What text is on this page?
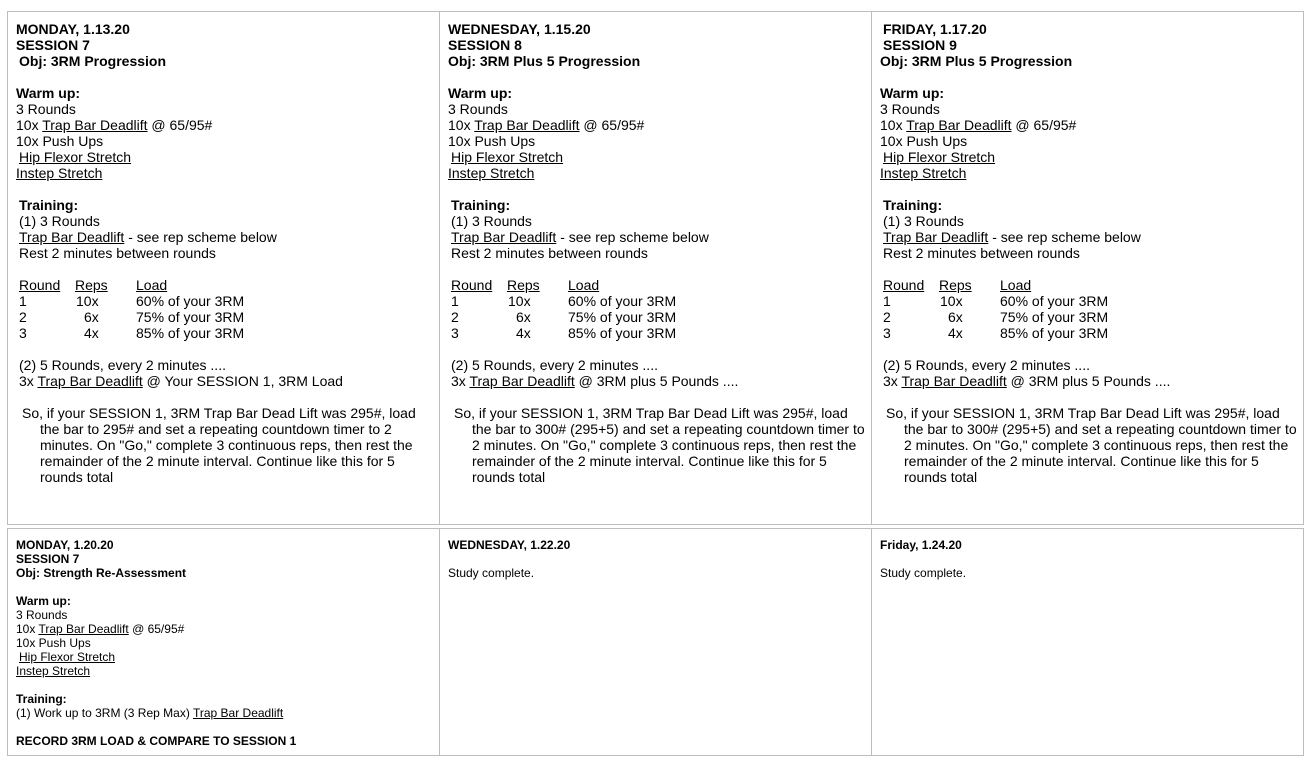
MONDAY, 1.13.20
SESSION 7
Obj: 3RM Progression
Warm up:
3 Rounds
10x Trap Bar Deadlift @ 65/95#
10x Push Ups
Hip Flexor Stretch
Instep Stretch
Training:
(1) 3 Rounds
Trap Bar Deadlift - see rep scheme below
Rest 2 minutes between rounds
Round	Reps	Load
1	10x	60% of your 3RM
2	6x	75% of your 3RM
3	4x	85% of your 3RM
(2) 5 Rounds, every 2 minutes ....
3x Trap Bar Deadlift @ Your SESSION 1, 3RM Load
So, if your SESSION 1, 3RM Trap Bar Dead Lift was 295#, load the bar to 295# and set a repeating countdown timer to 2 minutes. On "Go," complete 3 continuous reps, then rest the remainder of the 2 minute interval. Continue like this for 5 rounds total

WEDNESDAY, 1.15.20
SESSION 8
Obj: 3RM Plus 5 Progression
Warm up:
3 Rounds
10x Trap Bar Deadlift @ 65/95#
10x Push Ups
Hip Flexor Stretch
Instep Stretch
Training:
(1) 3 Rounds
Trap Bar Deadlift - see rep scheme below
Rest 2 minutes between rounds
Round	Reps	Load
1	10x	60% of your 3RM
2	6x	75% of your 3RM
3	4x	85% of your 3RM
(2) 5 Rounds, every 2 minutes ....
3x Trap Bar Deadlift @ 3RM plus 5 Pounds ....
So, if your SESSION 1, 3RM Trap Bar Dead Lift was 295#, load the bar to 300# (295+5) and set a repeating countdown timer to 2 minutes. On "Go," complete 3 continuous reps, then rest the remainder of the 2 minute interval. Continue like this for 5 rounds total

FRIDAY, 1.17.20
SESSION 9
Obj: 3RM Plus 5 Progression
Warm up:
3 Rounds
10x Trap Bar Deadlift @ 65/95#
10x Push Ups
Hip Flexor Stretch
Instep Stretch
Training:
(1) 3 Rounds
Trap Bar Deadlift - see rep scheme below
Rest 2 minutes between rounds
Round	Reps	Load
1	10x	60% of your 3RM
2	6x	75% of your 3RM
3	4x	85% of your 3RM
(2) 5 Rounds, every 2 minutes ....
3x Trap Bar Deadlift @ 3RM plus 5 Pounds ....
So, if your SESSION 1, 3RM Trap Bar Dead Lift was 295#, load the bar to 300# (295+5) and set a repeating countdown timer to 2 minutes. On "Go," complete 3 continuous reps, then rest the remainder of the 2 minute interval. Continue like this for 5 rounds total
MONDAY, 1.20.20
SESSION 7
Obj: Strength Re-Assessment
Warm up:
3 Rounds
10x Trap Bar Deadlift @ 65/95#
10x Push Ups
Hip Flexor Stretch
Instep Stretch
Training:
(1) Work up to 3RM (3 Rep Max) Trap Bar Deadlift
RECORD 3RM LOAD & COMPARE TO SESSION 1

WEDNESDAY, 1.22.20
Study complete.

Friday, 1.24.20
Study complete.
